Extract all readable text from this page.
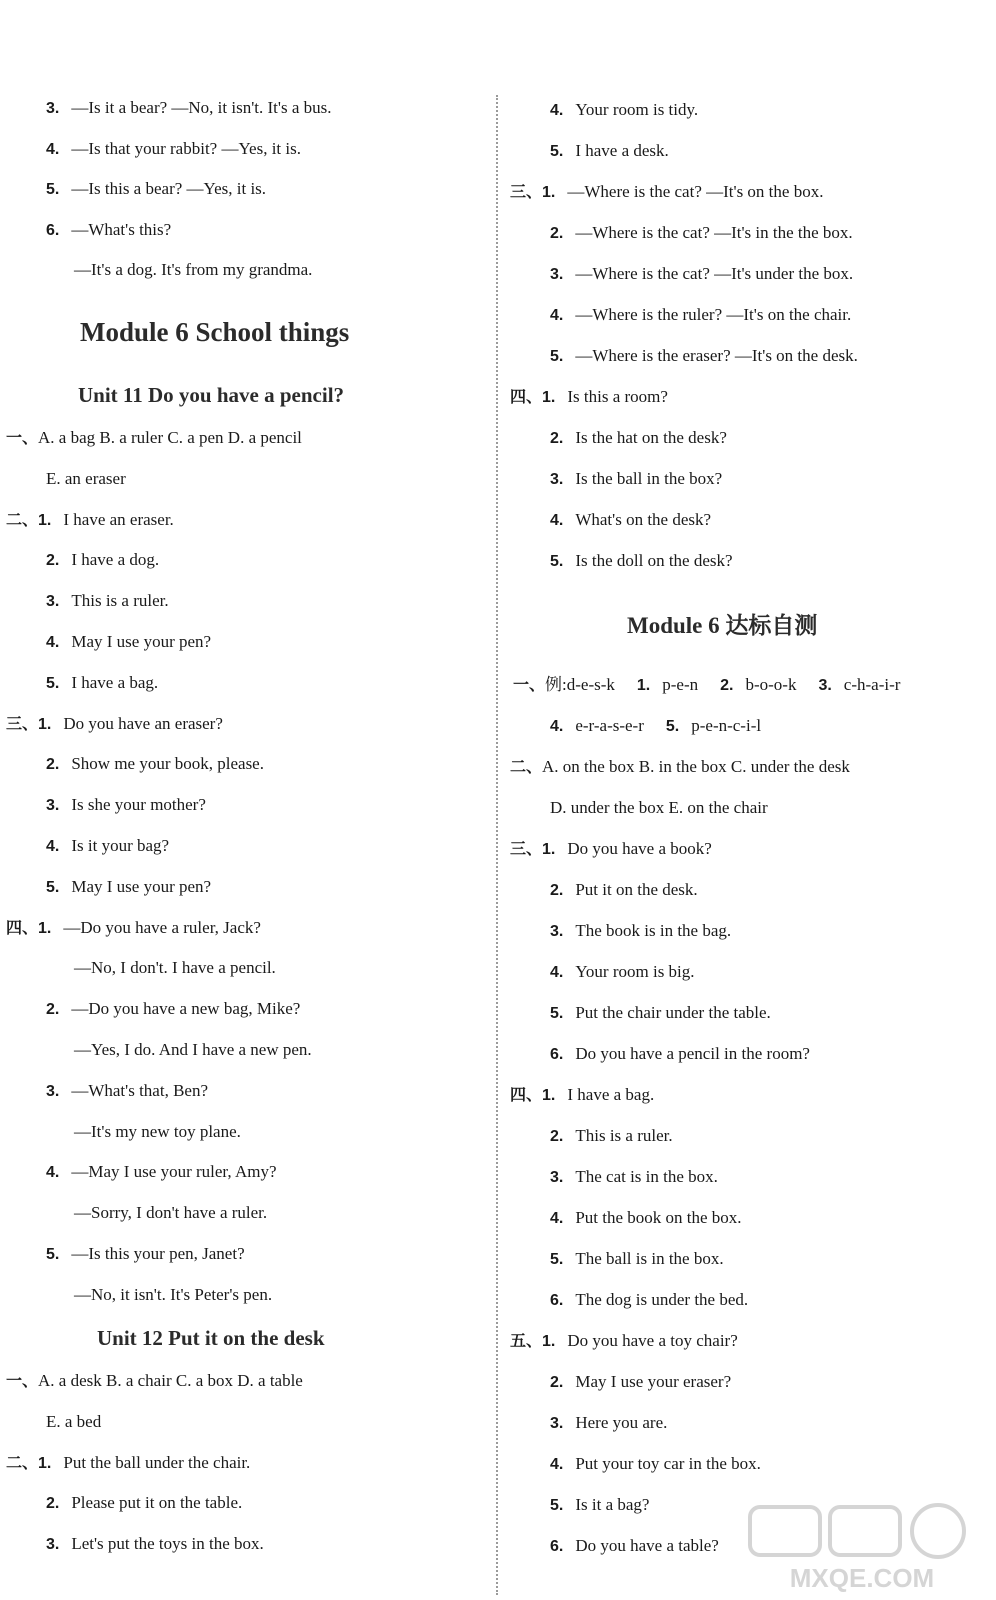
3. —Is it a bear? —No, it isn't. It's a bus.
4. —Is that your rabbit? —Yes, it is.
5. —Is this a bear? —Yes, it is.
6. —What's this?
—It's a dog. It's from my grandma.
Module 6 School things
Unit 11 Do you have a pencil?
一、A. a bag B. a ruler C. a pen D. a pencil
E. an eraser
二、1. I have an eraser.
2. I have a dog.
3. This is a ruler.
4. May I use your pen?
5. I have a bag.
三、1. Do you have an eraser?
2. Show me your book, please.
3. Is she your mother?
4. Is it your bag?
5. May I use your pen?
四、1. —Do you have a ruler, Jack?
—No, I don't. I have a pencil.
2. —Do you have a new bag, Mike?
—Yes, I do. And I have a new pen.
3. —What's that, Ben?
—It's my new toy plane.
4. —May I use your ruler, Amy?
—Sorry, I don't have a ruler.
5. —Is this your pen, Janet?
—No, it isn't. It's Peter's pen.
Unit 12 Put it on the desk
一、A. a desk B. a chair C. a box D. a table
E. a bed
二、1. Put the ball under the chair.
2. Please put it on the table.
3. Let's put the toys in the box.
4. Your room is tidy.
5. I have a desk.
三、1. —Where is the cat? —It's on the box.
2. —Where is the cat? —It's in the the box.
3. —Where is the cat? —It's under the box.
4. —Where is the ruler? —It's on the chair.
5. —Where is the eraser? —It's on the desk.
四、1. Is this a room?
2. Is the hat on the desk?
3. Is the ball in the box?
4. What's on the desk?
5. Is the doll on the desk?
Module 6 达标自测
一、例:d-e-s-k 1. p-e-n 2. b-o-o-k 3. c-h-a-i-r
4. e-r-a-s-e-r 5. p-e-n-c-i-l
二、A. on the box B. in the box C. under the desk
D. under the box E. on the chair
三、1. Do you have a book?
2. Put it on the desk.
3. The book is in the bag.
4. Your room is big.
5. Put the chair under the table.
6. Do you have a pencil in the room?
四、1. I have a bag.
2. This is a ruler.
3. The cat is in the box.
4. Put the book on the box.
5. The ball is in the box.
6. The dog is under the bed.
五、1. Do you have a toy chair?
2. May I use your eraser?
3. Here you are.
4. Put your toy car in the box.
5. Is it a bag?
6. Do you have a table?
MXQE.COM
